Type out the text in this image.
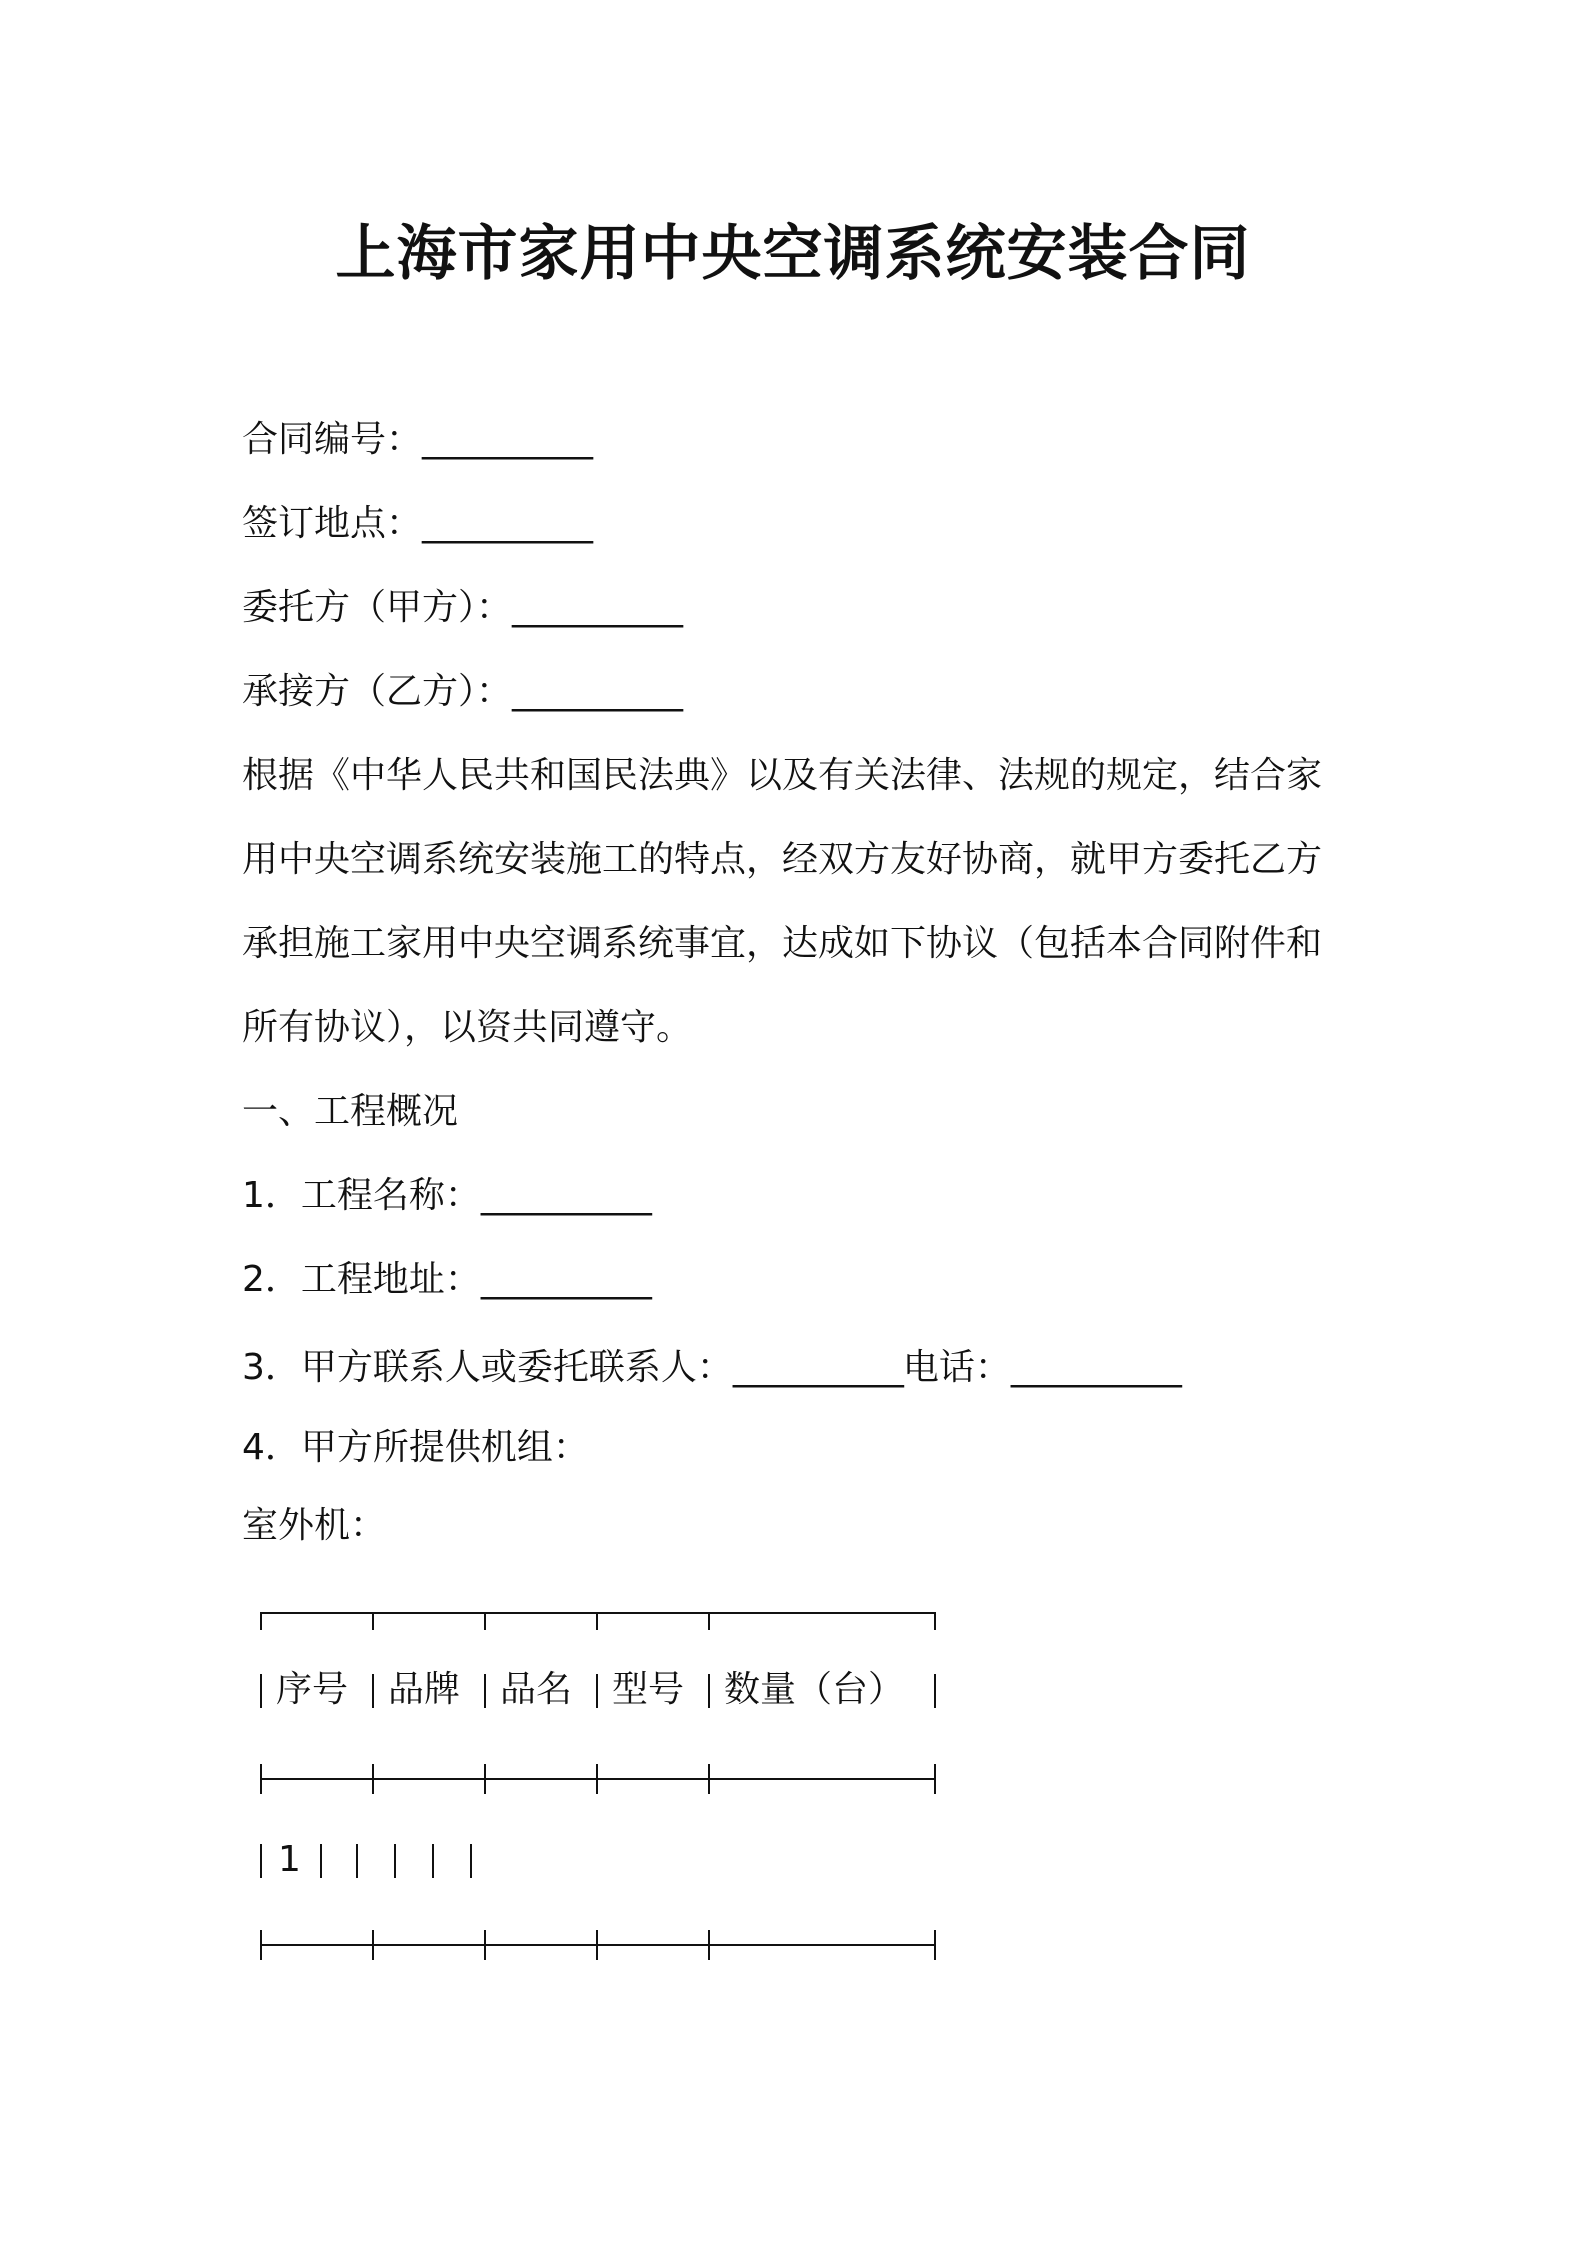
上海市家用中央空调系统安装合同
合同编号：__________
签订地点：__________
委托方（甲方）：__________
承接方（乙方）：__________
根据《中华人民共和国民法典》以及有关法律、法规的规定，结合家
用中央空调系统安装施工的特点，经双方友好协商，就甲方委托乙方
承担施工家用中央空调系统事宜，达成如下协议（包括本合同附件和
所有协议），以资共同遵守。
一、工程概况
1．工程名称：__________
2．工程地址：__________
3．甲方联系人或委托联系人：__________电话：__________
4．甲方所提供机组：
室外机：
序号 品牌 品名 型号 数量（台）
1
